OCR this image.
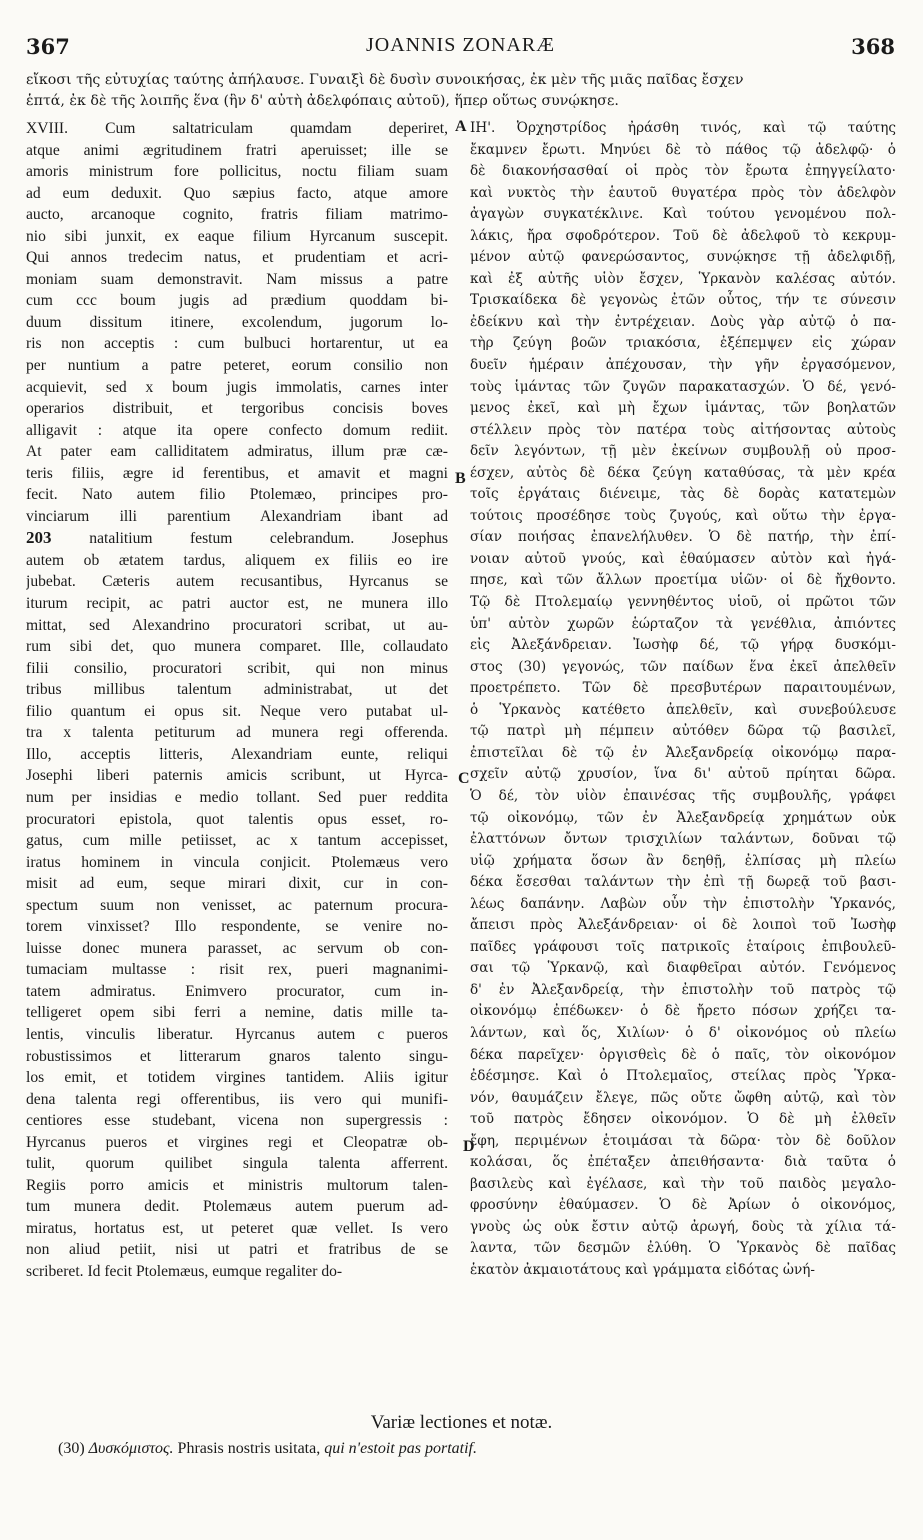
367	JOANNIS ZONARÆ	368
εἴκοσι τῆς εὐτυχίας ταύτης ἀπήλαυσε. Γυναιξὶ δὲ δυσὶν συνοικήσας, ἐκ μὲν τῆς μιᾶς παῖδας ἔσχεν
ἑπτά, ἐκ δὲ τῆς λοιπῆς ἕνα (ἣν δ' αὐτὴ ἀδελφόπαις αὐτοῦ), ἥπερ οὕτως συνῴκησε.
XVIII. Cum saltatriculam quamdam deperiret,
atque animi ægritudinem fratri aperuisset; ille se
amoris ministrum fore pollicitus, noctu filiam suam
ad eum deduxit. Quo sæpius facto, atque amore
aucto, arcanoque cognito, fratris filiam matrimo-
nio sibi junxit, ex eaque filium Hyrcanum suscepit.
Qui annos tredecim natus, et prudentiam et acri-
moniam suam demonstravit. Nam missus a patre
cum ccc boum jugis ad prædium quoddam bi-
duum dissitum itinere, excolendum, jugorum lo-
ris non acceptis : cum bulbuci hortarentur, ut ea
per nuntium a patre peteret, eorum consilio non
acquievit, sed x boum jugis immolatis, carnes inter
operarios distribuit, et tergoribus concisis boves
alligavit : atque ita opere confecto domum rediit.
At pater eam calliditatem admiratus, illum præ cæ-
teris filiis, ægre id ferentibus, et amavit et magni
fecit. Nato autem filio Ptolemæo, principes pro-
vinciarum illi parentium Alexandriam ibant ad
203 natalitium festum celebrandum. Josephus
autem ob ætatem tardus, aliquem ex filiis eo ire
jubebat. Cæteris autem recusantibus, Hyrcanus se
iturum recipit, ac patri auctor est, ne munera illo
mittat, sed Alexandrino procuratori scribat, ut au-
rum sibi det, quo munera comparet. Ille, collaudato
filii consilio, procuratori scribit, qui non minus
tribus millibus talentum administrabat, ut det
filio quantum ei opus sit. Neque vero putabat ul-
tra x talenta petiturum ad munera regi offerenda.
Illo, acceptis litteris, Alexandriam eunte, reliqui
Josephi liberi paternis amicis scribunt, ut Hyrca-
num per insidias e medio tollant. Sed puer reddita
procuratori epistola, quot talentis opus esset, ro-
gatus, cum mille petiisset, ac x tantum accepisset,
iratus hominem in vincula conjicit. Ptolemæus vero
misit ad eum, seque mirari dixit, cur in con-
spectum suum non venisset, ac paternum procura-
torem vinxisset? Illo respondente, se venire no-
luisse donec munera parasset, ac servum ob con-
tumaciam multasse : risit rex, pueri magnanimi-
tatem admiratus. Enimvero procurator, cum in-
telligeret opem sibi ferri a nemine, datis mille ta-
lentis, vinculis liberatur. Hyrcanus autem c pueros
robustissimos et litterarum gnaros talento singu-
los emit, et totidem virgines tantidem. Aliis igitur
dena talenta regi offerentibus, iis vero qui munifi-
centiores esse studebant, vicena non supergressis :
Hyrcanus pueros et virgines regi et Cleopatræ ob-
tulit, quorum quilibet singula talenta afferrent.
Regiis porro amicis et ministris multorum talen-
tum munera dedit. Ptolemæus autem puerum ad-
miratus, hortatus est, ut peteret quæ vellet. Is vero
non aliud petiit, nisi ut patri et fratribus de se
scriberet. Id fecit Ptolemæus, eumque regaliter do-
ΙΗ'. Ὀρχηστρίδος ἠράσθη τινός, καὶ τῷ ταύτης
ἔκαμνεν ἔρωτι. Μηνύει δὲ τὸ πάθος τῷ ἀδελφῷ· ὁ
δὲ διακονήσασθαί οἱ πρὸς τὸν ἔρωτα ἐπηγγείλατο·
καὶ νυκτὸς τὴν ἑαυτοῦ θυγατέρα πρὸς τὸν ἀδελφὸν
ἀγαγὼν συγκατέκλινε. Καὶ τούτου γενομένου πολ-
λάκις, ἤρα σφοδρότερον. Τοῦ δὲ ἀδελφοῦ τὸ κεκρυμ-
μένον αὐτῷ φανερώσαντος, συνῴκησε τῇ ἀδελφιδῇ,
καὶ ἐξ αὐτῆς υἱὸν ἔσχεν, Ὑρκανὸν καλέσας αὐτόν.
Τρισκαίδεκα δὲ γεγονὼς ἐτῶν οὗτος, τήν τε σύνεσιν
ἐδείκνυ καὶ τὴν ἐντρέχειαν. Δοὺς γὰρ αὐτῷ ὁ πα-
τὴρ ζεύγη βοῶν τριακόσια, ἐξέπεμψεν εἰς χώραν
δυεῖν ἡμέραιν ἀπέχουσαν, τὴν γῆν ἐργασόμενον,
τοὺς ἱμάντας τῶν ζυγῶν παρακατασχών. Ὁ δέ, γενό-
μενος ἐκεῖ, καὶ μὴ ἔχων ἱμάντας, τῶν βοηλατῶν
στέλλειν πρὸς τὸν πατέρα τοὺς αἰτήσοντας αὐτοὺς
δεῖν λεγόντων, τῇ μὲν ἐκείνων συμβουλῇ οὐ προσ-
έσχεν, αὐτὸς δὲ δέκα ζεύγη καταθύσας, τὰ μὲν κρέα
τοῖς ἐργάταις διένειμε, τὰς δὲ δορὰς κατατεμὼν
τούτοις προσέδησε τοὺς ζυγούς, καὶ οὕτω τὴν ἐργα-
σίαν ποιήσας ἐπανελήλυθεν. Ὁ δὲ πατήρ, τὴν ἐπί-
νοιαν αὐτοῦ γνούς, καὶ ἐθαύμασεν αὐτὸν καὶ ἠγά-
πησε, καὶ τῶν ἄλλων προετίμα υἱῶν· οἱ δὲ ἤχθοντο.
Τῷ δὲ Πτολεμαίῳ γεννηθέντος υἱοῦ, οἱ πρῶτοι τῶν
ὑπ' αὐτὸν χωρῶν ἑώρταζον τὰ γενέθλια, ἀπιόντες
εἰς Ἀλεξάνδρειαν. Ἰωσὴφ δέ, τῷ γήρᾳ δυσκόμι-
στος (30) γεγονώς, τῶν παίδων ἕνα ἐκεῖ ἀπελθεῖν
προετρέπετο. Τῶν δὲ πρεσβυτέρων παραιτουμένων,
ὁ Ὑρκανὸς κατέθετο ἀπελθεῖν, καὶ συνεβούλευσε
τῷ πατρὶ μὴ πέμπειν αὐτόθεν δῶρα τῷ βασιλεῖ,
ἐπιστεῖλαι δὲ τῷ ἐν Ἀλεξανδρείᾳ οἰκονόμῳ παρα-
σχεῖν αὐτῷ χρυσίον, ἵνα δι' αὐτοῦ πρίηται δῶρα.
Ὁ δέ, τὸν υἱὸν ἐπαινέσας τῆς συμβουλῆς, γράφει
τῷ οἰκονόμῳ, τῶν ἐν Ἀλεξανδρείᾳ χρημάτων οὐκ
ἐλαττόνων ὄντων τρισχιλίων ταλάντων, δοῦναι τῷ
υἱῷ χρήματα ὅσων ἂν δεηθῇ, ἐλπίσας μὴ πλείω
δέκα ἔσεσθαι ταλάντων τὴν ἐπὶ τῇ δωρεᾷ τοῦ βασι-
λέως δαπάνην. Λαβὼν οὖν τὴν ἐπιστολὴν Ὑρκανός,
ἄπεισι πρὸς Ἀλεξάνδρειαν· οἱ δὲ λοιποὶ τοῦ Ἰωσὴφ
παῖδες γράφουσι τοῖς πατρικοῖς ἑταίροις ἐπιβουλεῦ-
σαι τῷ Ὑρκανῷ, καὶ διαφθεῖραι αὐτόν. Γενόμενος
δ' ἐν Ἀλεξανδρείᾳ, τὴν ἐπιστολὴν τοῦ πατρὸς τῷ
οἰκονόμῳ ἐπέδωκεν· ὁ δὲ ἤρετο πόσων χρήζει τα-
λάντων, καὶ ὅς, Χιλίων· ὁ δ' οἰκονόμος οὐ πλείω
δέκα παρεῖχεν· ὀργισθεὶς δὲ ὁ παῖς, τὸν οἰκονόμον
ἐδέσμησε. Καὶ ὁ Πτολεμαῖος, στείλας πρὸς Ὑρκα-
νόν, θαυμάζειν ἔλεγε, πῶς οὔτε ὤφθη αὐτῷ, καὶ τὸν
τοῦ πατρὸς ἔδησεν οἰκονόμον. Ὁ δὲ μὴ ἐλθεῖν
ἔφη, περιμένων ἑτοιμάσαι τὰ δῶρα· τὸν δὲ δοῦλον
κολάσαι, ὅς ἐπέταξεν ἀπειθήσαντα· διὰ ταῦτα ὁ
βασιλεὺς καὶ ἐγέλασε, καὶ τὴν τοῦ παιδὸς μεγαλο-
φροσύνην ἐθαύμασεν. Ὁ δὲ Ἀρίων ὁ οἰκονόμος,
γνοὺς ὡς οὐκ ἔστιν αὐτῷ ἀρωγή, δοὺς τὰ χίλια τά-
λαντα, τῶν δεσμῶν ἐλύθη. Ὁ Ὑρκανὸς δὲ παῖδας
ἑκατὸν ἀκμαιοτάτους καὶ γράμματα εἰδότας ὠνή-
A
B
C
D
Variæ lectiones et notæ.
(30) Δυσκόμιστος. Phrasis nostris usitata, qui n'estoit pas portatif.
